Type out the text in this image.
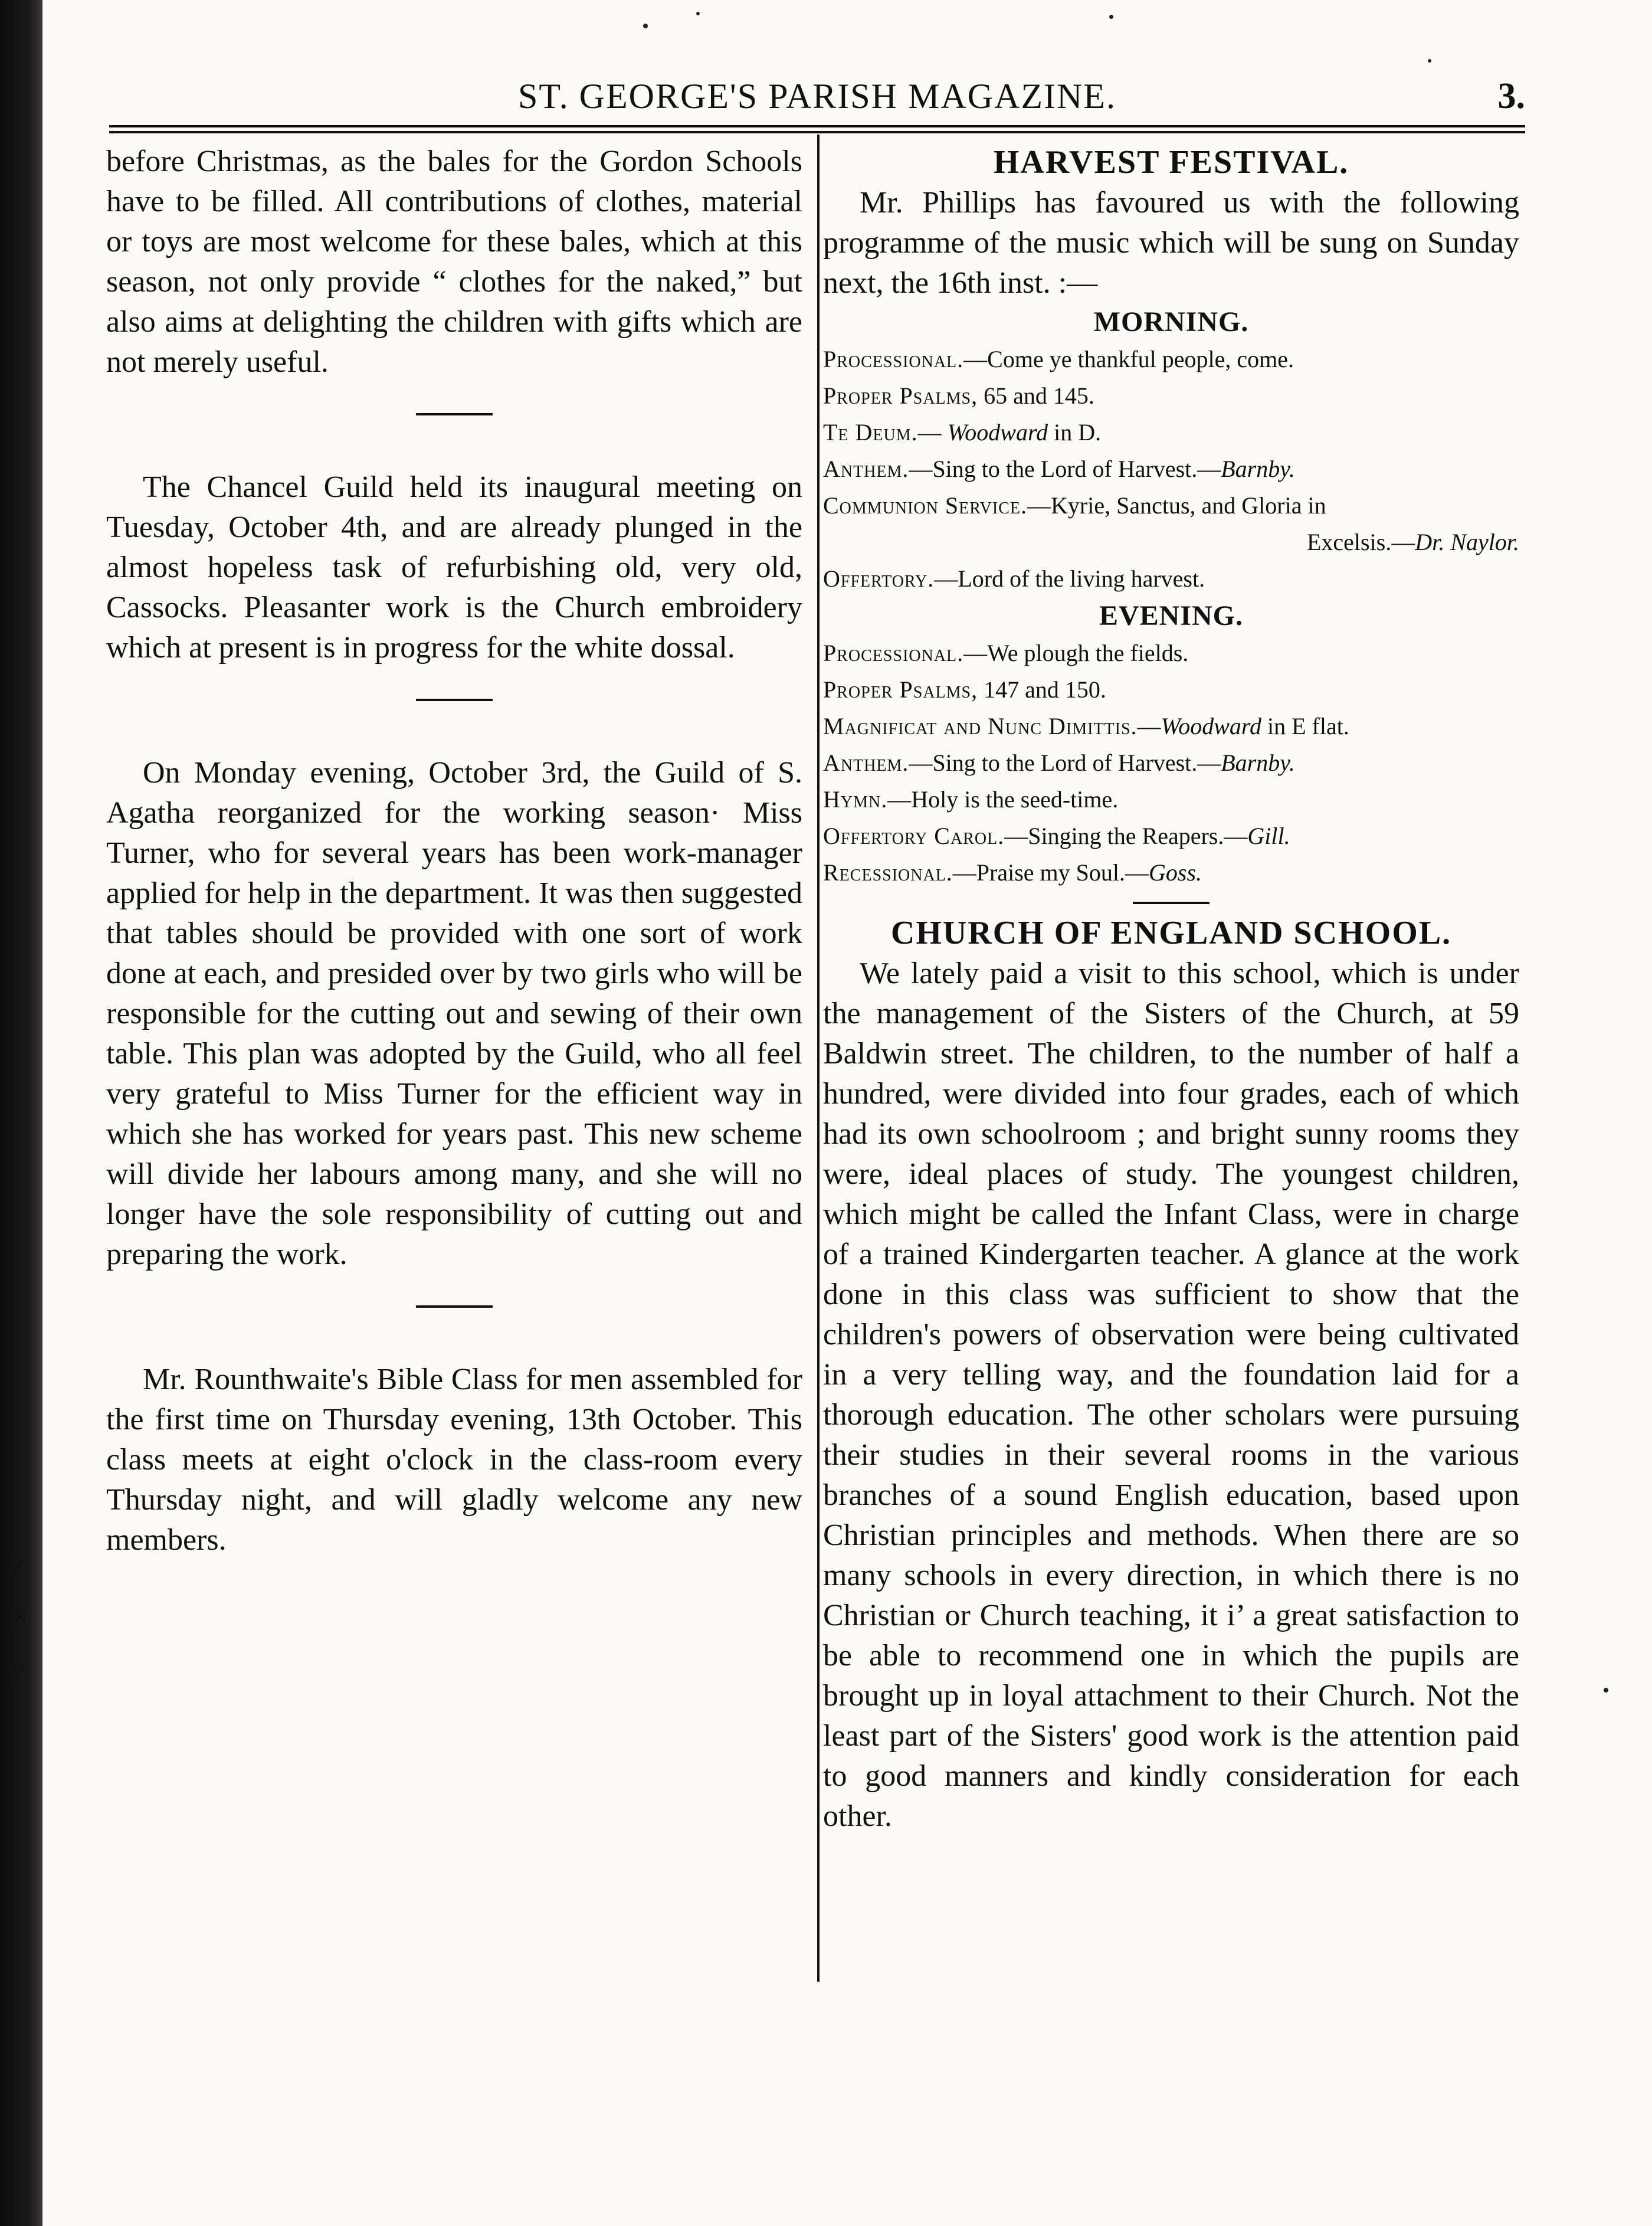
y
is
y
ST. GEORGE'S PARISH MAGAZINE.	3.

before Christmas, as the bales for the Gordon Schools have to be filled. All contributions of clothes, material or toys are most welcome for these bales, which at this season, not only provide “ clothes for the naked,” but also aims at delighting the children with gifts which are not merely useful.

The Chancel Guild held its inaugural meeting on Tuesday, October 4th, and are already plunged in the almost hopeless task of refurbishing old, very old, Cassocks. Pleasanter work is the Church embroidery which at present is in progress for the white dossal.

On Monday evening, October 3rd, the Guild of S. Agatha reorganized for the working season· Miss Turner, who for several years has been work-manager applied for help in the department. It was then suggested that tables should be provided with one sort of work done at each, and presided over by two girls who will be responsible for the cutting out and sewing of their own table. This plan was adopted by the Guild, who all feel very grateful to Miss Turner for the efficient way in which she has worked for years past. This new scheme will divide her labours among many, and she will no longer have the sole responsibility of cutting out and preparing the work.

Mr. Rounthwaite's Bible Class for men assembled for the first time on Thursday evening, 13th October. This class meets at eight o'clock in the class-room every Thursday night, and will gladly welcome any new members.

HARVEST FESTIVAL.

Mr. Phillips has favoured us with the following programme of the music which will be sung on Sunday next, the 16th inst. :—

MORNING.
Processional.—Come ye thankful people, come.
Proper Psalms, 65 and 145.
Te Deum.— Woodward in D.
Anthem.—Sing to the Lord of Harvest.—Barnby.
Communion Service.—Kyrie, Sanctus, and Gloria in
Excelsis.—Dr. Naylor.
Offertory.—Lord of the living harvest.
EVENING.
Processional.—We plough the fields.
Proper Psalms, 147 and 150.
Magnificat and Nunc Dimittis.—Woodward in E flat.
Anthem.—Sing to the Lord of Harvest.—Barnby.
Hymn.—Holy is the seed-time.
Offertory Carol.—Singing the Reapers.—Gill.
Recessional.—Praise my Soul.—Goss.
CHURCH OF ENGLAND SCHOOL.

We lately paid a visit to this school, which is under the management of the Sisters of the Church, at 59 Baldwin street. The children, to the number of half a hundred, were divided into four grades, each of which had its own schoolroom ; and bright sunny rooms they were, ideal places of study. The youngest children, which might be called the Infant Class, were in charge of a trained Kindergarten teacher. A glance at the work done in this class was sufficient to show that the children's powers of observation were being cultivated in a very telling way, and the foundation laid for a thorough education. The other scholars were pursuing their studies in their several rooms in the various branches of a sound English education, based upon Christian principles and methods. When there are so many schools in every direction, in which there is no Christian or Church teaching, it i’ a great satisfaction to be able to recommend one in which the pupils are brought up in loyal attachment to their Church. Not the least part of the Sisters' good work is the attention paid to good manners and kindly consideration for each other.
